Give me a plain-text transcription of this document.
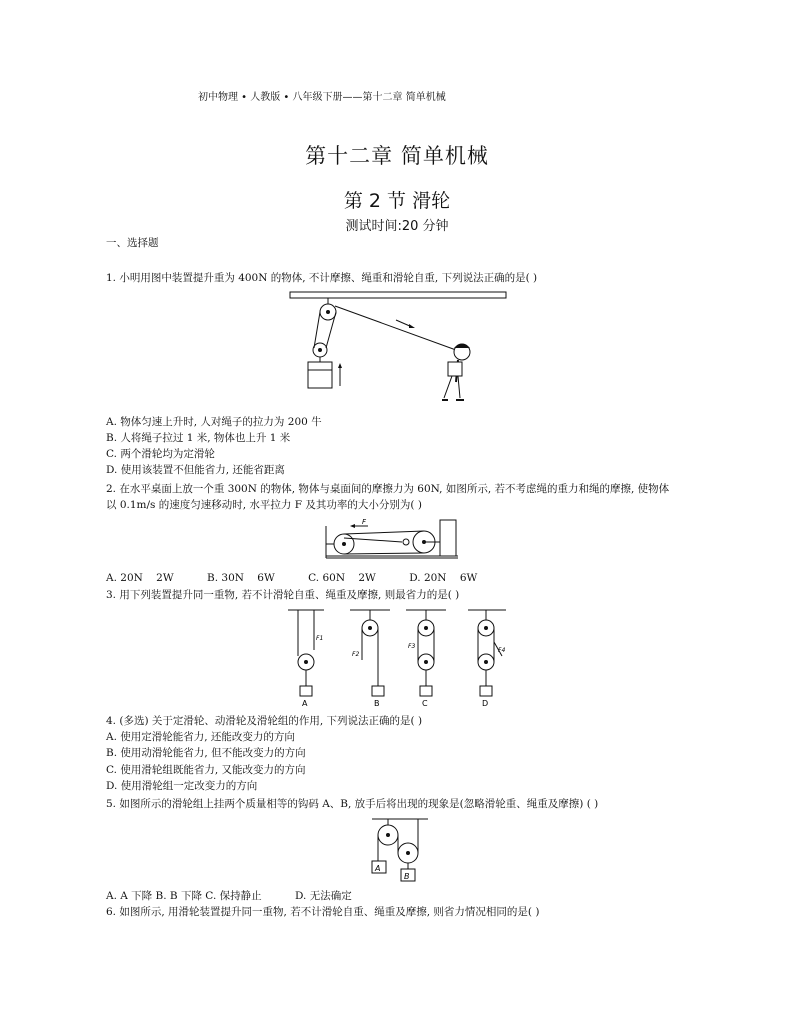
初中物理 • 人教版 • 八年级下册——第十二章 简单机械
第十二章 简单机械
第 2 节 滑轮
测试时间:20 分钟
一、选择题
1. 小明用图中装置提升重为 400N 的物体, 不计摩擦、绳重和滑轮自重, 下列说法正确的是( )
A. 物体匀速上升时, 人对绳子的拉力为 200 牛
B. 人将绳子拉过 1 米, 物体也上升 1 米
C. 两个滑轮均为定滑轮
D. 使用该装置不但能省力, 还能省距离
2. 在水平桌面上放一个重 300N 的物体, 物体与桌面间的摩擦力为 60N, 如图所示, 若不考虑绳的重力和绳的摩擦, 使物体
以 0.1m/s 的速度匀速移动时, 水平拉力 F 及其功率的大小分别为( )
F
A. 20N    2W          B. 30N    6W          C. 60N    2W          D. 20N    6W
3. 用下列装置提升同一重物, 若不计滑轮自重、绳重及摩擦, 则最省力的是( )
F1
A
F2
B
F3
C
F4
D
4. (多选) 关于定滑轮、动滑轮及滑轮组的作用, 下列说法正确的是( )
A. 使用定滑轮能省力, 还能改变力的方向
B. 使用动滑轮能省力, 但不能改变力的方向
C. 使用滑轮组既能省力, 又能改变力的方向
D. 使用滑轮组一定改变力的方向
5. 如图所示的滑轮组上挂两个质量相等的钩码 A、B, 放手后将出现的现象是(忽略滑轮重、绳重及摩擦) ( )
A
B
A. A 下降 B. B 下降 C. 保持静止          D. 无法确定
6. 如图所示, 用滑轮装置提升同一重物, 若不计滑轮自重、绳重及摩擦, 则省力情况相同的是( )
